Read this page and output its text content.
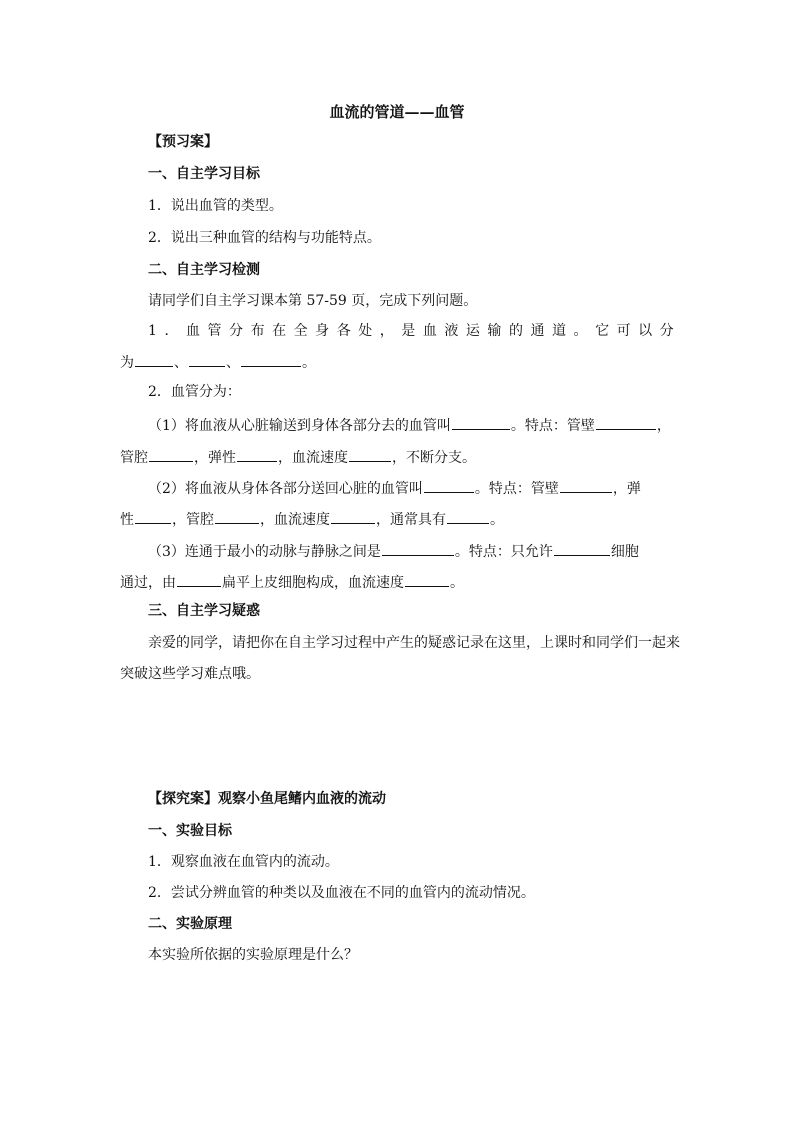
血流的管道——血管
【预习案】
一、自主学习目标
1．说出血管的类型。
2．说出三种血管的结构与功能特点。
二、自主学习检测
请同学们自主学习课本第 57-59 页，完成下列问题。
1 ． 血 管 分 布 在 全 身 各 处 ， 是 血 液 运 输 的 通 道 。 它 可 以 分
为	、	、	。
2．血管分为：
（1）将血液从心脏输送到身体各部分去的血管叫	。特点：管壁	，
管腔	，弹性	，血流速度	，不断分支。
（2）将血液从身体各部分送回心脏的血管叫	。特点：管壁	，弹
性	，管腔	，血流速度	，通常具有	。
（3）连通于最小的动脉与静脉之间是	。特点：只允许	细胞
通过，由	扁平上皮细胞构成，血流速度	。
三、自主学习疑惑
亲爱的同学，请把你在自主学习过程中产生的疑惑记录在这里，上课时和同学们一起来
突破这些学习难点哦。
【探究案】观察小鱼尾鳍内血液的流动
一、实验目标
1．观察血液在血管内的流动。
2．尝试分辨血管的种类以及血液在不同的血管内的流动情况。
二、实验原理
本实验所依据的实验原理是什么？
